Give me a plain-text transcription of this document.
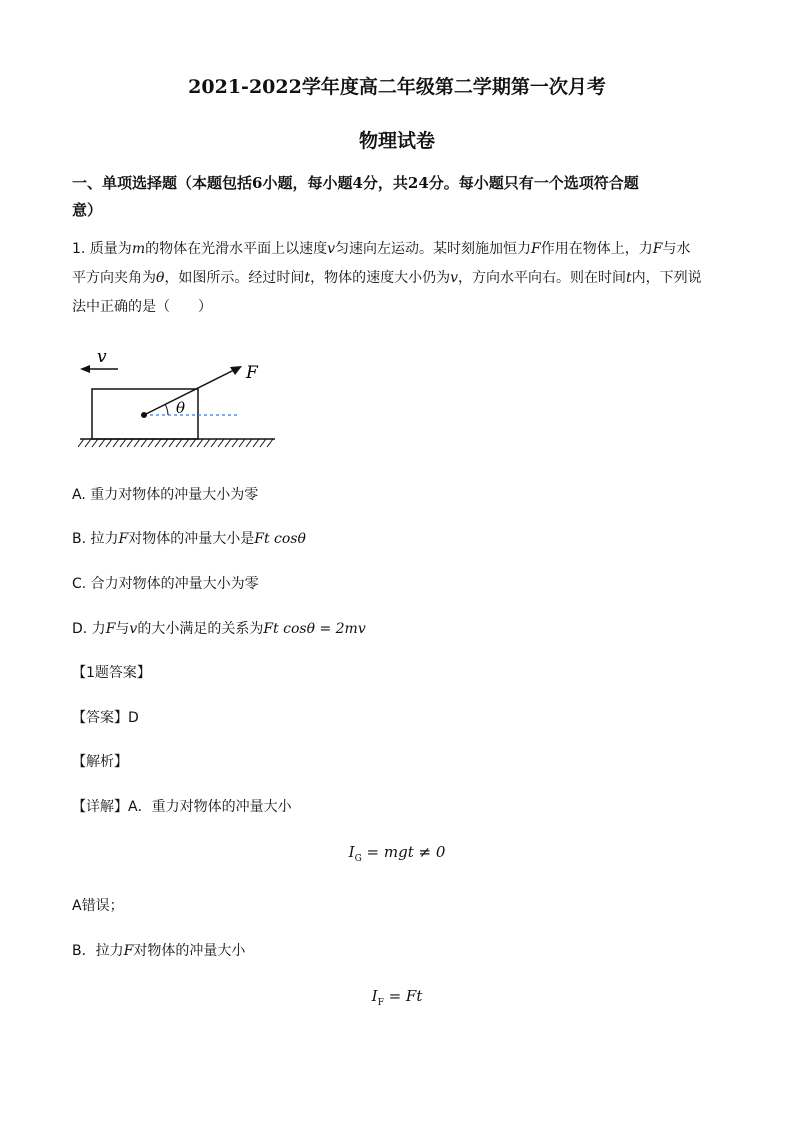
2021-2022学年度高二年级第二学期第一次月考
物理试卷
一、单项选择题（本题包括6小题，每小题4分，共24分。每小题只有一个选项符合题
意）
1. 质量为m的物体在光滑水平面上以速度v匀速向左运动。某时刻施加恒力F作用在物体上，力F与水
平方向夹角为θ，如图所示。经过时间t，物体的速度大小仍为v，方向水平向右。则在时间t内，下列说
法中正确的是（　　）
v
F
θ
A. 重力对物体的冲量大小为零
B. 拉力F对物体的冲量大小是Ft cosθ
C. 合力对物体的冲量大小为零
D. 力F与v的大小满足的关系为Ft cosθ = 2mv
【1题答案】
【答案】D
【解析】
【详解】A．重力对物体的冲量大小
$I_G$ = mgt ≠ 0
A错误；
B．拉力F对物体的冲量大小
$I_F = Ft$
